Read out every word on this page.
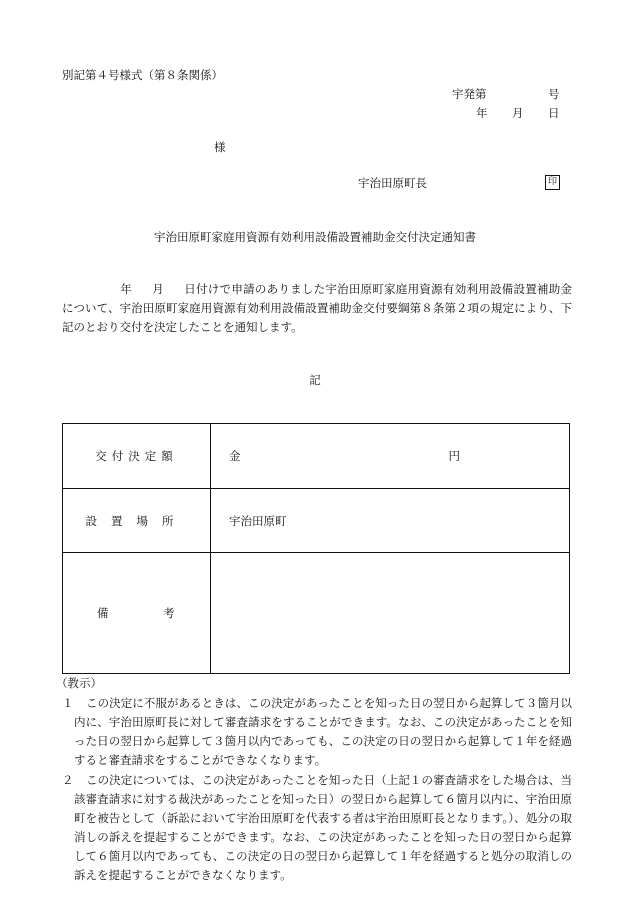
別記第４号様式（第８条関係）
宇発第	号
年 月 日
様
宇治田原町長	印
宇治田原町家庭用資源有効利用設備設置補助金交付決定通知書
年 月 日付けで申請のありました宇治田原町家庭用資源有効利用設備設置補助金について、宇治田原町家庭用資源有効利用設備設置補助金交付要綱第８条第２項の規定により、下記のとおり交付を決定したことを通知します。
記
交付決定額	金 円

設置場所	宇治田原町

備 考	

（教示）
１	この決定に不服があるときは、この決定があったことを知った日の翌日から起算して３箇月以内に、宇治田原町長に対して審査請求をすることができます。なお、この決定があったことを知った日の翌日から起算して３箇月以内であっても、この決定の日の翌日から起算して１年を経過すると審査請求をすることができなくなります。
２	この決定については、この決定があったことを知った日（上記１の審査請求をした場合は、当該審査請求に対する裁決があったことを知った日）の翌日から起算して６箇月以内に、宇治田原町を被告として（訴訟において宇治田原町を代表する者は宇治田原町長となります。）、処分の取消しの訴えを提起することができます。なお、この決定があったことを知った日の翌日から起算して６箇月以内であっても、この決定の日の翌日から起算して１年を経過すると処分の取消しの訴えを提起することができなくなります。
